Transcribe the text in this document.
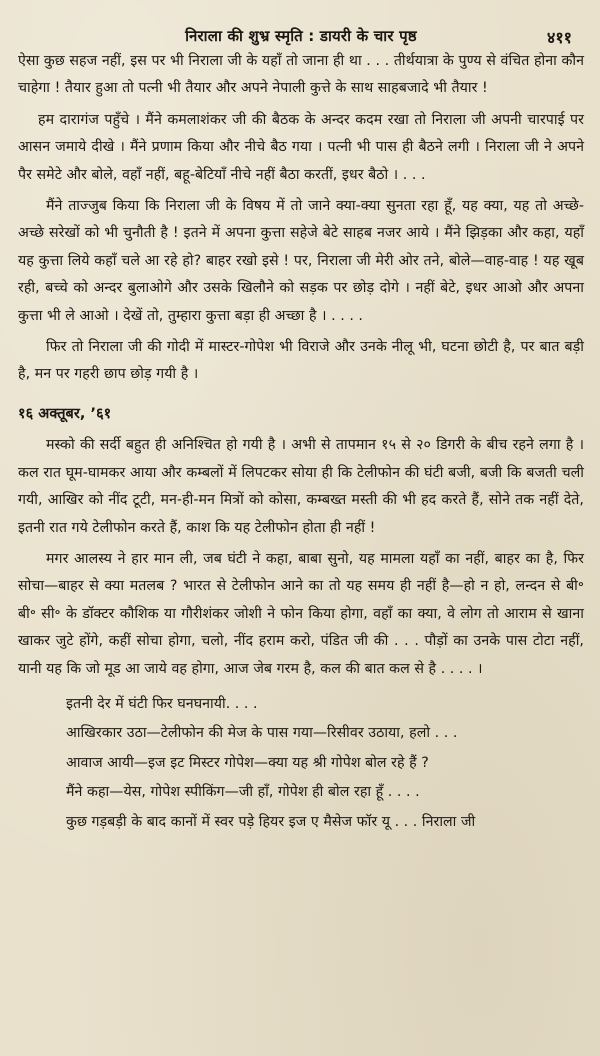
निराला की शुभ्र स्मृति : डायरी के चार पृष्ठ	४११

ऐसा कुछ सहज नहीं, इस पर भी निराला जी के यहाँ तो जाना ही था . . . तीर्थयात्रा के पुण्य से वंचित होना कौन चाहेगा ! तैयार हुआ तो पत्नी भी तैयार और अपने नेपाली कुत्ते के साथ साहबजादे भी तैयार !

हम दारागंज पहुँचे । मैंने कमलाशंकर जी की बैठक के अन्दर कदम रखा तो निराला जी अपनी चारपाई पर आसन जमाये दीखे । मैंने प्रणाम किया और नीचे बैठ गया । पत्नी भी पास ही बैठने लगी । निराला जी ने अपने पैर समेटे और बोले, वहाँ नहीं, बहू-बेटियाँ नीचे नहीं बैठा करतीं, इधर बैठो । . . .

मैंने ताज्जुब किया कि निराला जी के विषय में तो जाने क्या-क्या सुनता रहा हूँ, यह क्या, यह तो अच्छे-अच्छे सरेखों को भी चुनौती है ! इतने में अपना कुत्ता सहेजे बेटे साहब नजर आये । मैंने झिड़का और कहा, यहाँ यह कुत्ता लिये कहाँ चले आ रहे हो? बाहर रखो इसे ! पर, निराला जी मेरी ओर तने, बोले—वाह-वाह ! यह खूब रही, बच्चे को अन्दर बुलाओगे और उसके खिलौने को सड़क पर छोड़ दोगे । नहीं बेटे, इधर आओ और अपना कुत्ता भी ले आओ । देखें तो, तुम्हारा कुत्ता बड़ा ही अच्छा है । . . . .

फिर तो निराला जी की गोदी में मास्टर-गोपेश भी विराजे और उनके नीलू भी, घटना छोटी है, पर बात बड़ी है, मन पर गहरी छाप छोड़ गयी है ।

१६ अक्तूबर, ’६१

मस्को की सर्दी बहुत ही अनिश्चित हो गयी है । अभी से तापमान १५ से २० डिगरी के बीच रहने लगा है । कल रात घूम-घामकर आया और कम्बलों में लिपटकर सोया ही कि टेलीफोन की घंटी बजी, बजी कि बजती चली गयी, आखिर को नींद टूटी, मन-ही-मन मित्रों को कोसा, कम्बख्त मस्ती की भी हद करते हैं, सोने तक नहीं देते, इतनी रात गये टेलीफोन करते हैं, काश कि यह टेलीफोन होता ही नहीं !

मगर आलस्य ने हार मान ली, जब घंटी ने कहा, बाबा सुनो, यह मामला यहाँ का नहीं, बाहर का है, फिर सोचा—बाहर से क्या मतलब ? भारत से टेलीफोन आने का तो यह समय ही नहीं है—हो न हो, लन्दन से बी॰ बी॰ सी॰ के डॉक्टर कौशिक या गौरीशंकर जोशी ने फोन किया होगा, वहाँ का क्या, वे लोग तो आराम से खाना खाकर जुटे होंगे, कहीं सोचा होगा, चलो, नींद हराम करो, पंडित जी की . . . पौड़ों का उनके पास टोटा नहीं, यानी यह कि जो मूड आ जाये वह होगा, आज जेब गरम है, कल की बात कल से है . . . . ।

इतनी देर में घंटी फिर घनघनायी. . . .

आखिरकार उठा—टेलीफोन की मेज के पास गया—रिसीवर उठाया, हलो . . .

आवाज आयी—इज इट मिस्टर गोपेश—क्या यह श्री गोपेश बोल रहे हैं ?

मैंने कहा—येस, गोपेश स्पीकिंग—जी हाँ, गोपेश ही बोल रहा हूँ . . . .

कुछ गड़बड़ी के बाद कानों में स्वर पड़े हियर इज ए मैसेज फॉर यू . . . निराला जी
